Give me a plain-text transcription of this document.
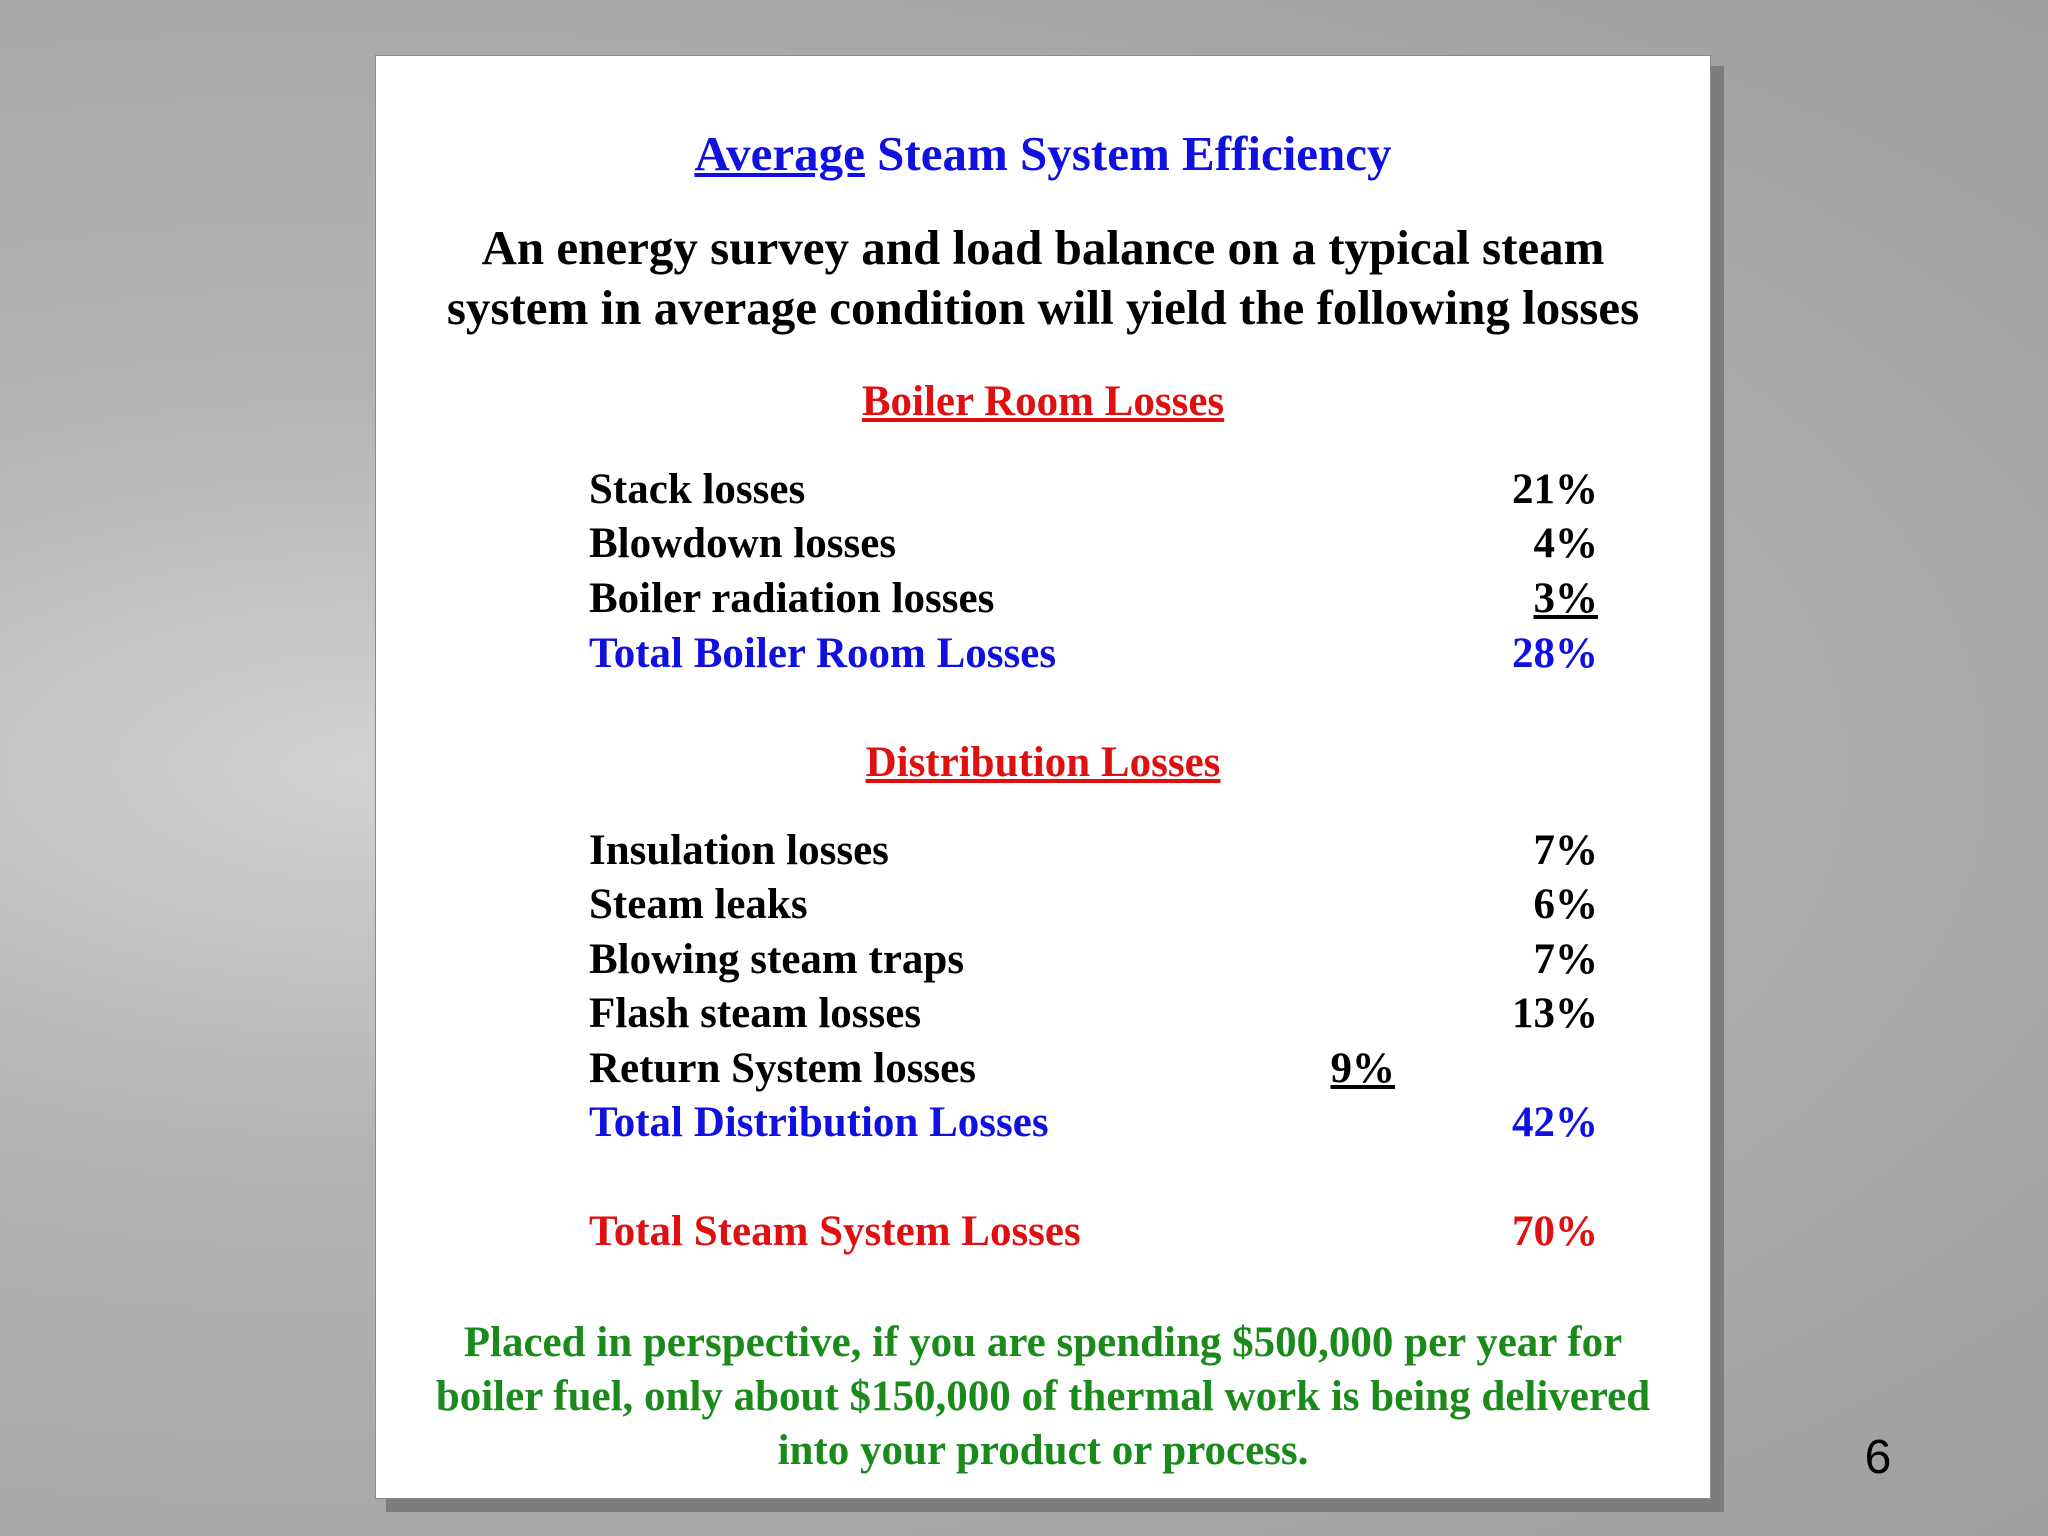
Average Steam System Efficiency
An energy survey and load balance on a typical steam
system in average condition will yield the following losses
Boiler Room Losses
Stack losses	21%
Blowdown losses	4%
Boiler radiation losses	3%
Total Boiler Room Losses	28%
Distribution Losses
Insulation losses	7%
Steam leaks	6%
Blowing steam traps	7%
Flash steam losses	13%
Return System losses	9%
Total Distribution Losses	42%
Total Steam System Losses	70%
Placed in perspective, if you are spending $500,000 per year for
boiler fuel, only about $150,000 of thermal work is being delivered
into your product or process.	6
